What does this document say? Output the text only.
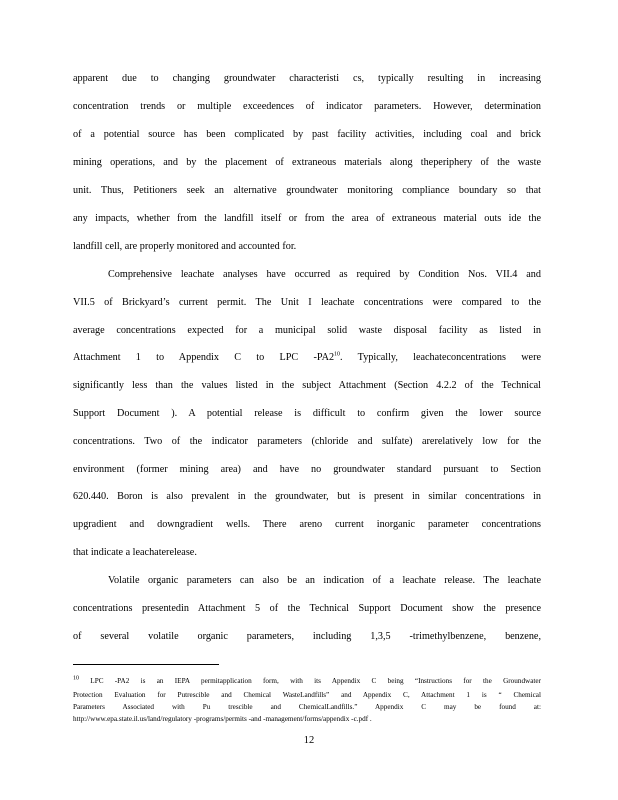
apparent due to changing groundwater characteristi cs, typically resulting in increasing
concentration trends or multiple exceedences of indicator parameters. However, determination
of a potential source has been complicated by past facility activities, including coal and brick
mining operations, and by the placement of extraneous materials along theperiphery of the waste
unit. Thus, Petitioners seek an alternative groundwater monitoring compliance boundary so that
any impacts, whether from the landfill itself or from the area of extraneous material outs ide the
landfill cell, are properly monitored and accounted for.
Comprehensive leachate analyses have occurred as required by Condition Nos. VII.4 and
VII.5 of Brickyard’s current permit. The Unit I leachate concentrations were compared to the
average concentrations expected for a municipal solid waste disposal facility as listed in
Attachment 1 to Appendix C to LPC $-PA2^{10}$. Typically, leachateconcentrations were
significantly less than the values listed in the subject Attachment (Section 4.2.2 of the Technical
Support Document ). A potential release is difficult to confirm given the lower source
concentrations. Two of the indicator parameters (chloride and sulfate) arerelatively low for the
environment (former mining area) and have no groundwater standard pursuant to Section
620.440. Boron is also prevalent in the groundwater, but is present in similar concentrations in
upgradient and downgradient wells. There areno current inorganic parameter concentrations
that indicate a leachaterelease.
Volatile organic parameters can also be an indication of a leachate release. The leachate
concentrations presentedin Attachment 5 of the Technical Support Document show the presence
of several volatile organic parameters, including 1,3,5 -trimethylbenzene, benzene,
$^{10}$ LPC -PA2 is an IEPA permitapplication form, with its Appendix C being “Instructions for the Groundwater
Protection Evaluation for Putrescible and Chemical WasteLandfills” and Appendix C, Attachment 1 is “ Chemical
Parameters Associated with Pu trescible and ChemicalLandfills.” Appendix C may be found at:
http://www.epa.state.il.us/land/regulatory -programs/permits -and -management/forms/appendix -c.pdf .
12
